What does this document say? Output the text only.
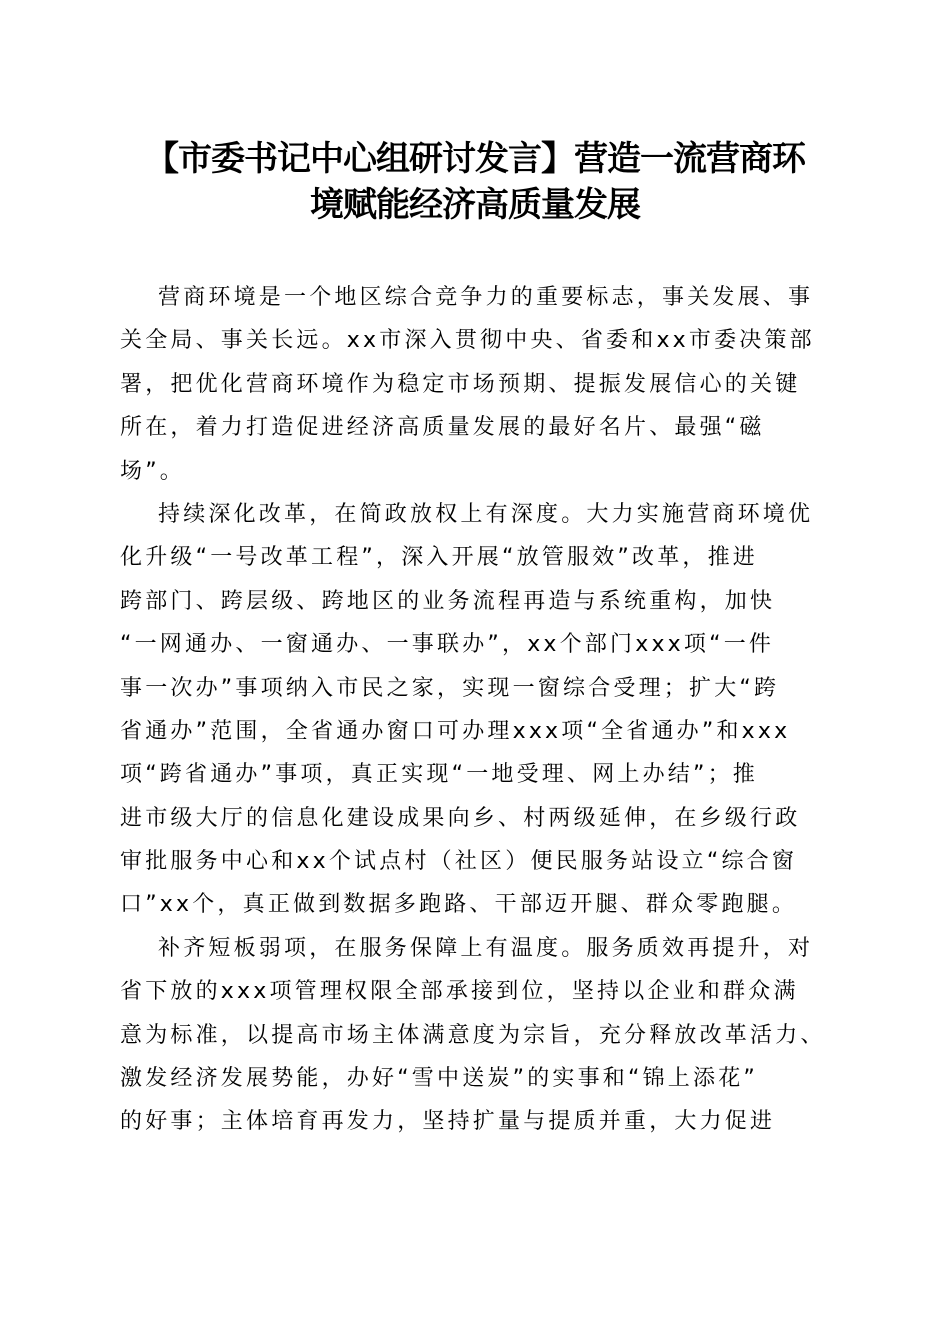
【市委书记中心组研讨发言】营造一流营商环
境赋能经济高质量发展
营商环境是一个地区综合竞争力的重要标志，事关发展、事
关全局、事关长远。xx市深入贯彻中央、省委和xx市委决策部
署，把优化营商环境作为稳定市场预期、提振发展信心的关键
所在，着力打造促进经济高质量发展的最好名片、最强“磁
场”。
持续深化改革，在简政放权上有深度。大力实施营商环境优
化升级“一号改革工程”，深入开展“放管服效”改革，推进
跨部门、跨层级、跨地区的业务流程再造与系统重构，加快
“一网通办、一窗通办、一事联办”，xx个部门xxx项“一件
事一次办”事项纳入市民之家，实现一窗综合受理；扩大“跨
省通办”范围，全省通办窗口可办理xxx项“全省通办”和xxx
项“跨省通办”事项，真正实现“一地受理、网上办结”；推
进市级大厅的信息化建设成果向乡、村两级延伸，在乡级行政
审批服务中心和xx个试点村（社区）便民服务站设立“综合窗
口”xx个，真正做到数据多跑路、干部迈开腿、群众零跑腿。
补齐短板弱项，在服务保障上有温度。服务质效再提升，对
省下放的xxx项管理权限全部承接到位，坚持以企业和群众满
意为标准，以提高市场主体满意度为宗旨，充分释放改革活力、
激发经济发展势能，办好“雪中送炭”的实事和“锦上添花”
的好事；主体培育再发力，坚持扩量与提质并重，大力促进
